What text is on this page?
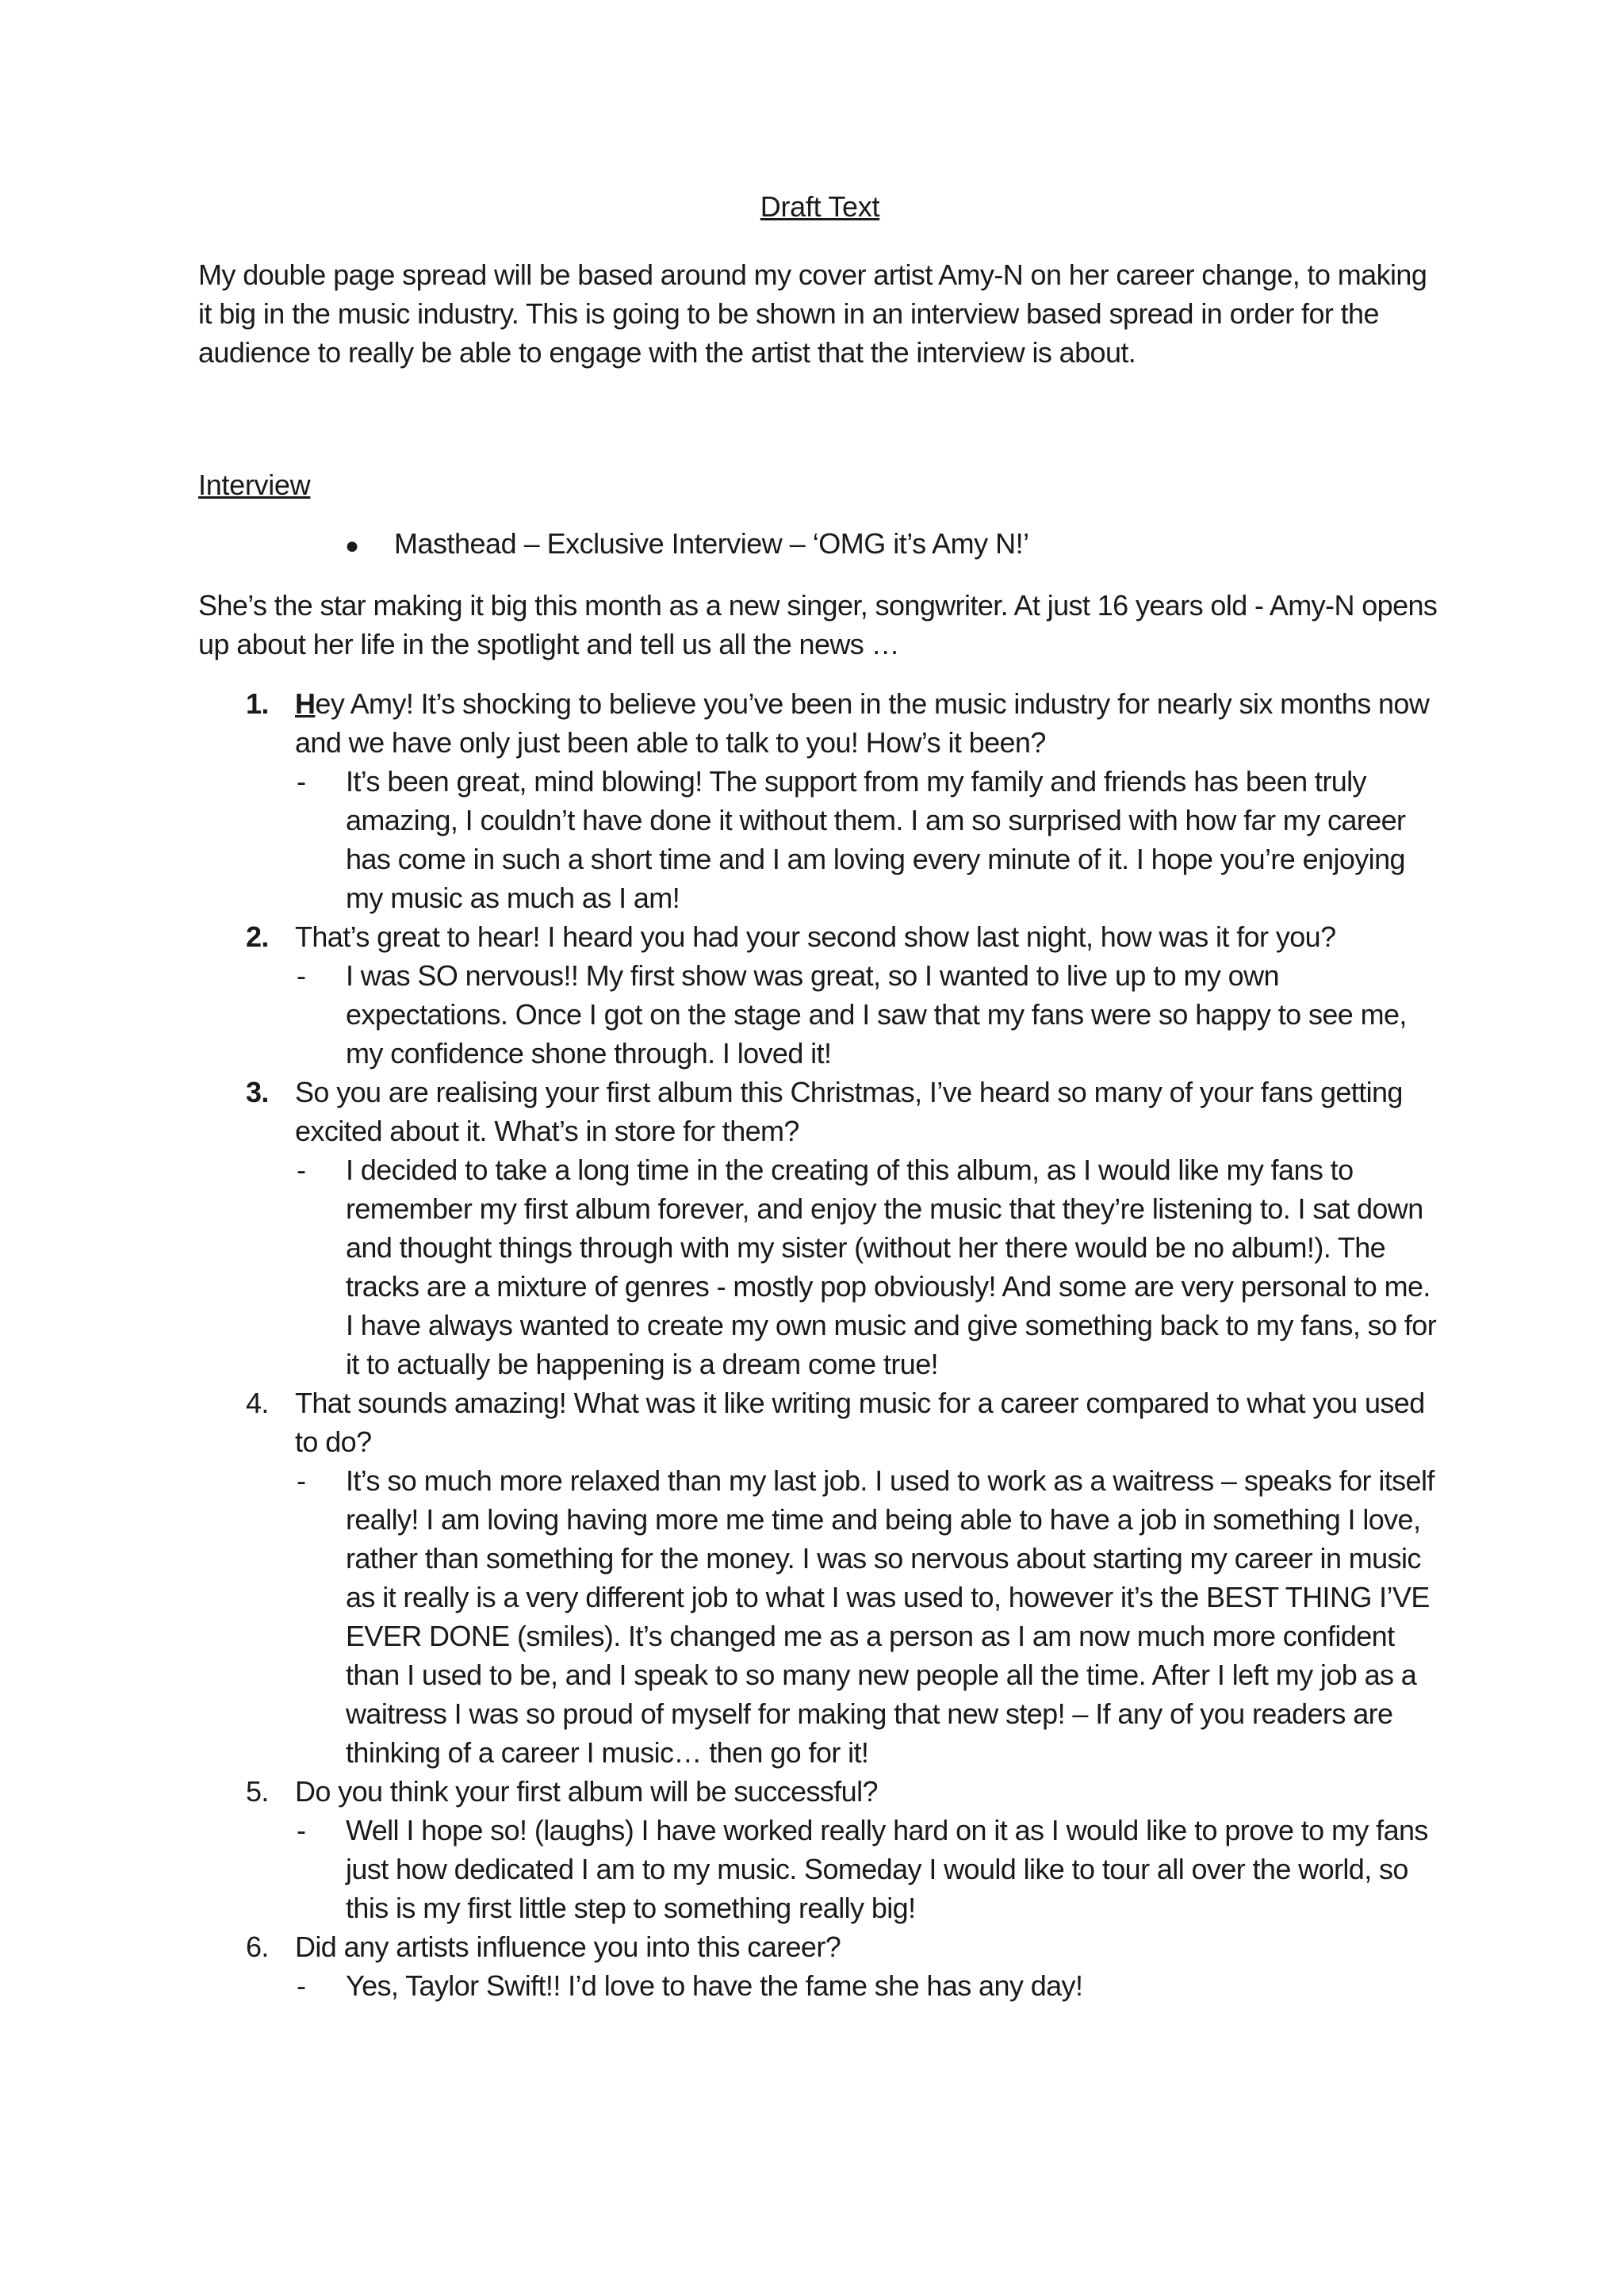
Draft Text

My double page spread will be based around my cover artist Amy-N on her career change, to making it big in the music industry. This is going to be shown in an interview based spread in order for the audience to really be able to engage with the artist that the interview is about.

Interview
●	Masthead – Exclusive Interview – ‘OMG it’s Amy N!’

She’s the star making it big this month as a new singer, songwriter. At just 16 years old - Amy-N opens up about her life in the spotlight and tell us all the news …

1. Hey Amy! It’s shocking to believe you’ve been in the music industry for nearly six months now and we have only just been able to talk to you! How’s it been?
-	It’s been great, mind blowing! The support from my family and friends has been truly amazing, I couldn’t have done it without them. I am so surprised with how far my career has come in such a short time and I am loving every minute of it. I hope you’re enjoying my music as much as I am!
2. That’s great to hear! I heard you had your second show last night, how was it for you?
-	I was SO nervous!! My first show was great, so I wanted to live up to my own expectations. Once I got on the stage and I saw that my fans were so happy to see me, my confidence shone through. I loved it!
3. So you are realising your first album this Christmas, I’ve heard so many of your fans getting excited about it. What’s in store for them?
-	I decided to take a long time in the creating of this album, as I would like my fans to remember my first album forever, and enjoy the music that they’re listening to. I sat down and thought things through with my sister (without her there would be no album!). The tracks are a mixture of genres - mostly pop obviously! And some are very personal to me. I have always wanted to create my own music and give something back to my fans, so for it to actually be happening is a dream come true!
4. That sounds amazing! What was it like writing music for a career compared to what you used to do?
-	It’s so much more relaxed than my last job. I used to work as a waitress – speaks for itself really! I am loving having more me time and being able to have a job in something I love, rather than something for the money. I was so nervous about starting my career in music as it really is a very different job to what I was used to, however it’s the BEST THING I’VE EVER DONE (smiles). It’s changed me as a person as I am now much more confident than I used to be, and I speak to so many new people all the time. After I left my job as a waitress I was so proud of myself for making that new step! – If any of you readers are thinking of a career I music… then go for it!
5. Do you think your first album will be successful?
-	Well I hope so! (laughs) I have worked really hard on it as I would like to prove to my fans just how dedicated I am to my music. Someday I would like to tour all over the world, so this is my first little step to something really big!
6. Did any artists influence you into this career?
-	Yes, Taylor Swift!! I’d love to have the fame she has any day!
